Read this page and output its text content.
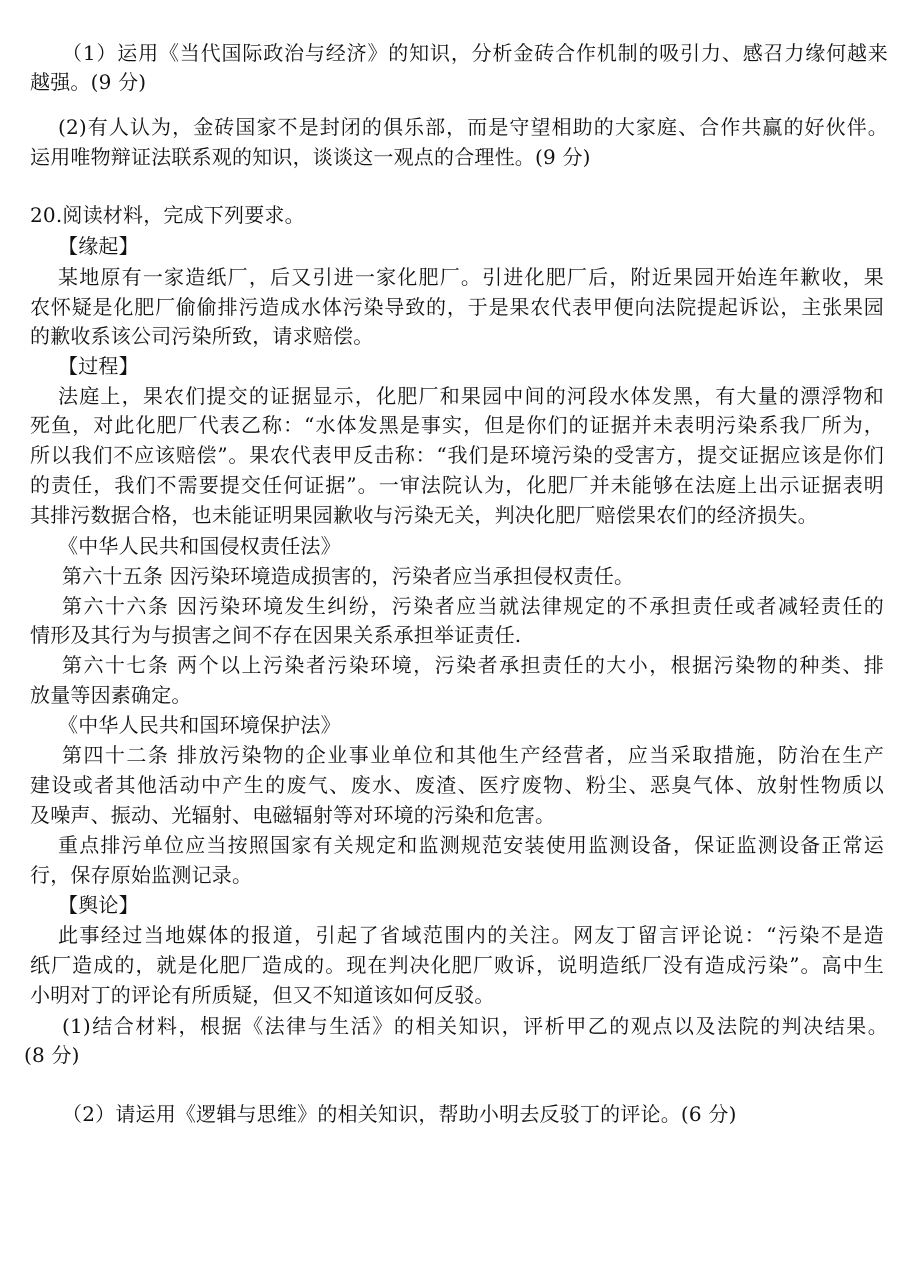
（1）运用《当代国际政治与经济》的知识，分析金砖合作机制的吸引力、感召力缘何越来
越强。(9 分)
(2)有人认为，金砖国家不是封闭的俱乐部，而是守望相助的大家庭、合作共赢的好伙伴。
运用唯物辩证法联系观的知识，谈谈这一观点的合理性。(9 分)
20.阅读材料，完成下列要求。
【缘起】
某地原有一家造纸厂，后又引进一家化肥厂。引进化肥厂后，附近果园开始连年歉收，果
农怀疑是化肥厂偷偷排污造成水体污染导致的，于是果农代表甲便向法院提起诉讼，主张果园
的歉收系该公司污染所致，请求赔偿。
【过程】
法庭上，果农们提交的证据显示，化肥厂和果园中间的河段水体发黑，有大量的漂浮物和
死鱼，对此化肥厂代表乙称：“水体发黑是事实，但是你们的证据并未表明污染系我厂所为，
所以我们不应该赔偿”。果农代表甲反击称：“我们是环境污染的受害方，提交证据应该是你们
的责任，我们不需要提交任何证据”。一审法院认为，化肥厂并未能够在法庭上出示证据表明
其排污数据合格，也未能证明果园歉收与污染无关，判决化肥厂赔偿果农们的经济损失。
《中华人民共和国侵权责任法》
第六十五条 因污染环境造成损害的，污染者应当承担侵权责任。
第六十六条 因污染环境发生纠纷，污染者应当就法律规定的不承担责任或者减轻责任的
情形及其行为与损害之间不存在因果关系承担举证责任.
第六十七条 两个以上污染者污染环境，污染者承担责任的大小，根据污染物的种类、排
放量等因素确定。
《中华人民共和国环境保护法》
第四十二条 排放污染物的企业事业单位和其他生产经营者，应当采取措施，防治在生产
建设或者其他活动中产生的废气、废水、废渣、医疗废物、粉尘、恶臭气体、放射性物质以
及噪声、振动、光辐射、电磁辐射等对环境的污染和危害。
重点排污单位应当按照国家有关规定和监测规范安装使用监测设备，保证监测设备正常运
行，保存原始监测记录。
【舆论】
此事经过当地媒体的报道，引起了省域范围内的关注。网友丁留言评论说：“污染不是造
纸厂造成的，就是化肥厂造成的。现在判决化肥厂败诉，说明造纸厂没有造成污染”。高中生
小明对丁的评论有所质疑，但又不知道该如何反驳。
(1)结合材料，根据《法律与生活》的相关知识，评析甲乙的观点以及法院的判决结果。
(8 分)
（2）请运用《逻辑与思维》的相关知识，帮助小明去反驳丁的评论。(6 分)
